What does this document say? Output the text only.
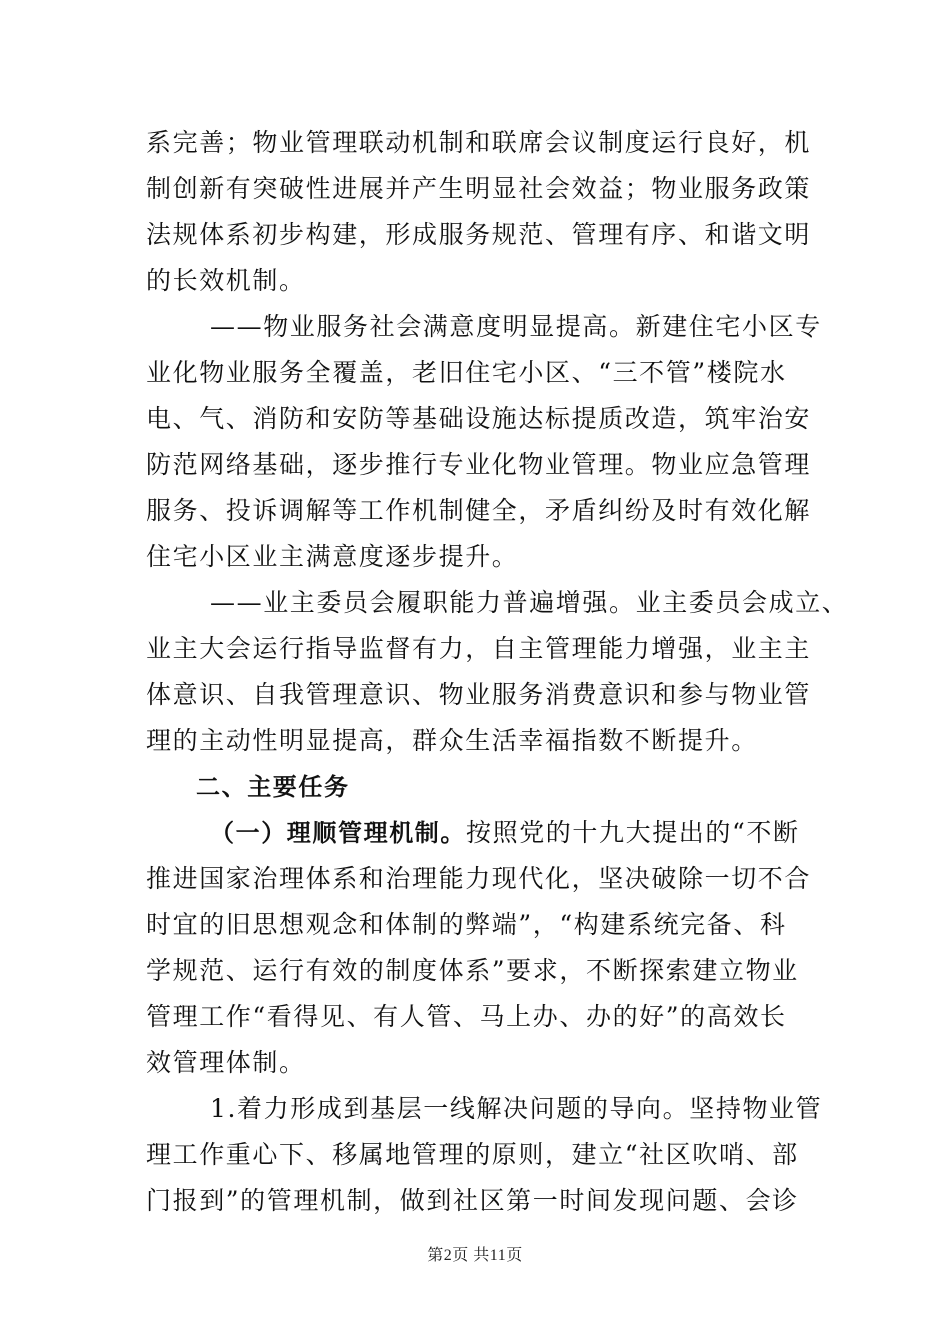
系完善；物业管理联动机制和联席会议制度运行良好，机
制创新有突破性进展并产生明显社会效益；物业服务政策
法规体系初步构建，形成服务规范、管理有序、和谐文明
的长效机制。
——物业服务社会满意度明显提高。新建住宅小区专
业化物业服务全覆盖，老旧住宅小区、“三不管”楼院水
电、气、消防和安防等基础设施达标提质改造，筑牢治安
防范网络基础，逐步推行专业化物业管理。物业应急管理
服务、投诉调解等工作机制健全，矛盾纠纷及时有效化解
住宅小区业主满意度逐步提升。
——业主委员会履职能力普遍增强。业主委员会成立、
业主大会运行指导监督有力，自主管理能力增强，业主主
体意识、自我管理意识、物业服务消费意识和参与物业管
理的主动性明显提高，群众生活幸福指数不断提升。
二、主要任务
（一）理顺管理机制。按照党的十九大提出的“不断
推进国家治理体系和治理能力现代化，坚决破除一切不合
时宜的旧思想观念和体制的弊端”，“构建系统完备、科
学规范、运行有效的制度体系”要求，不断探索建立物业
管理工作“看得见、有人管、马上办、办的好”的高效长
效管理体制。
1.着力形成到基层一线解决问题的导向。坚持物业管
理工作重心下、移属地管理的原则，建立“社区吹哨、部
门报到”的管理机制，做到社区第一时间发现问题、会诊
第2页 共11页
